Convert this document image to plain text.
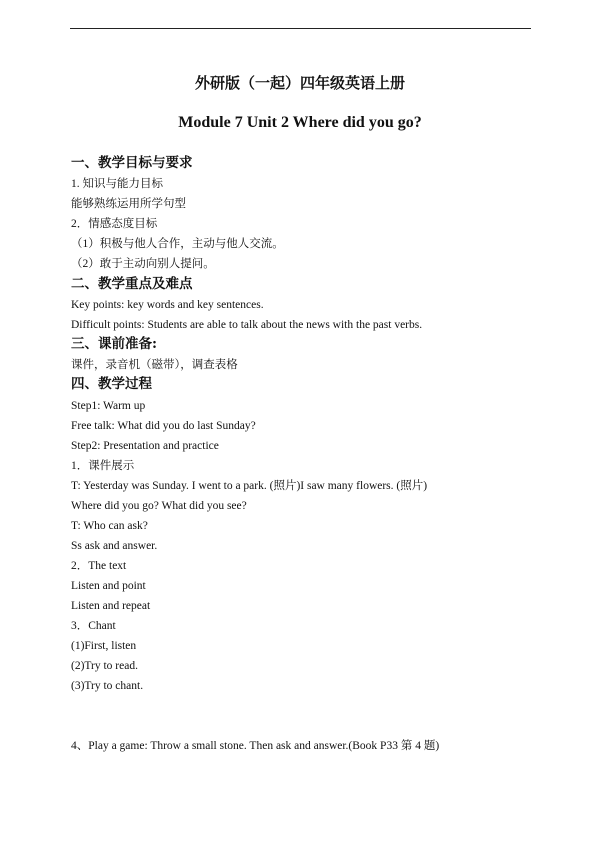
外研版（一起）四年级英语上册
Module 7 Unit 2 Where did you go?
一、教学目标与要求
1. 知识与能力目标
能够熟练运用所学句型
2．情感态度目标
（1）积极与他人合作，主动与他人交流。
（2）敢于主动向别人提问。
二、教学重点及难点
Key points: key words and key sentences.
Difficult points: Students are able to talk about the news with the past verbs.
三、课前准备:
课件，录音机（磁带），调查表格
四、教学过程
Step1: Warm up
Free talk: What did you do last Sunday?
Step2: Presentation and practice
1．课件展示
T: Yesterday was Sunday. I went to a park. (照片)I saw many flowers. (照片)
Where did you go? What did you see?
T: Who can ask?
Ss ask and answer.
2．The text
Listen and point
Listen and repeat
3．Chant
(1)First, listen
(2)Try to read.
(3)Try to chant.
4、Play a game: Throw a small stone. Then ask and answer.(Book P33 第 4 题)
